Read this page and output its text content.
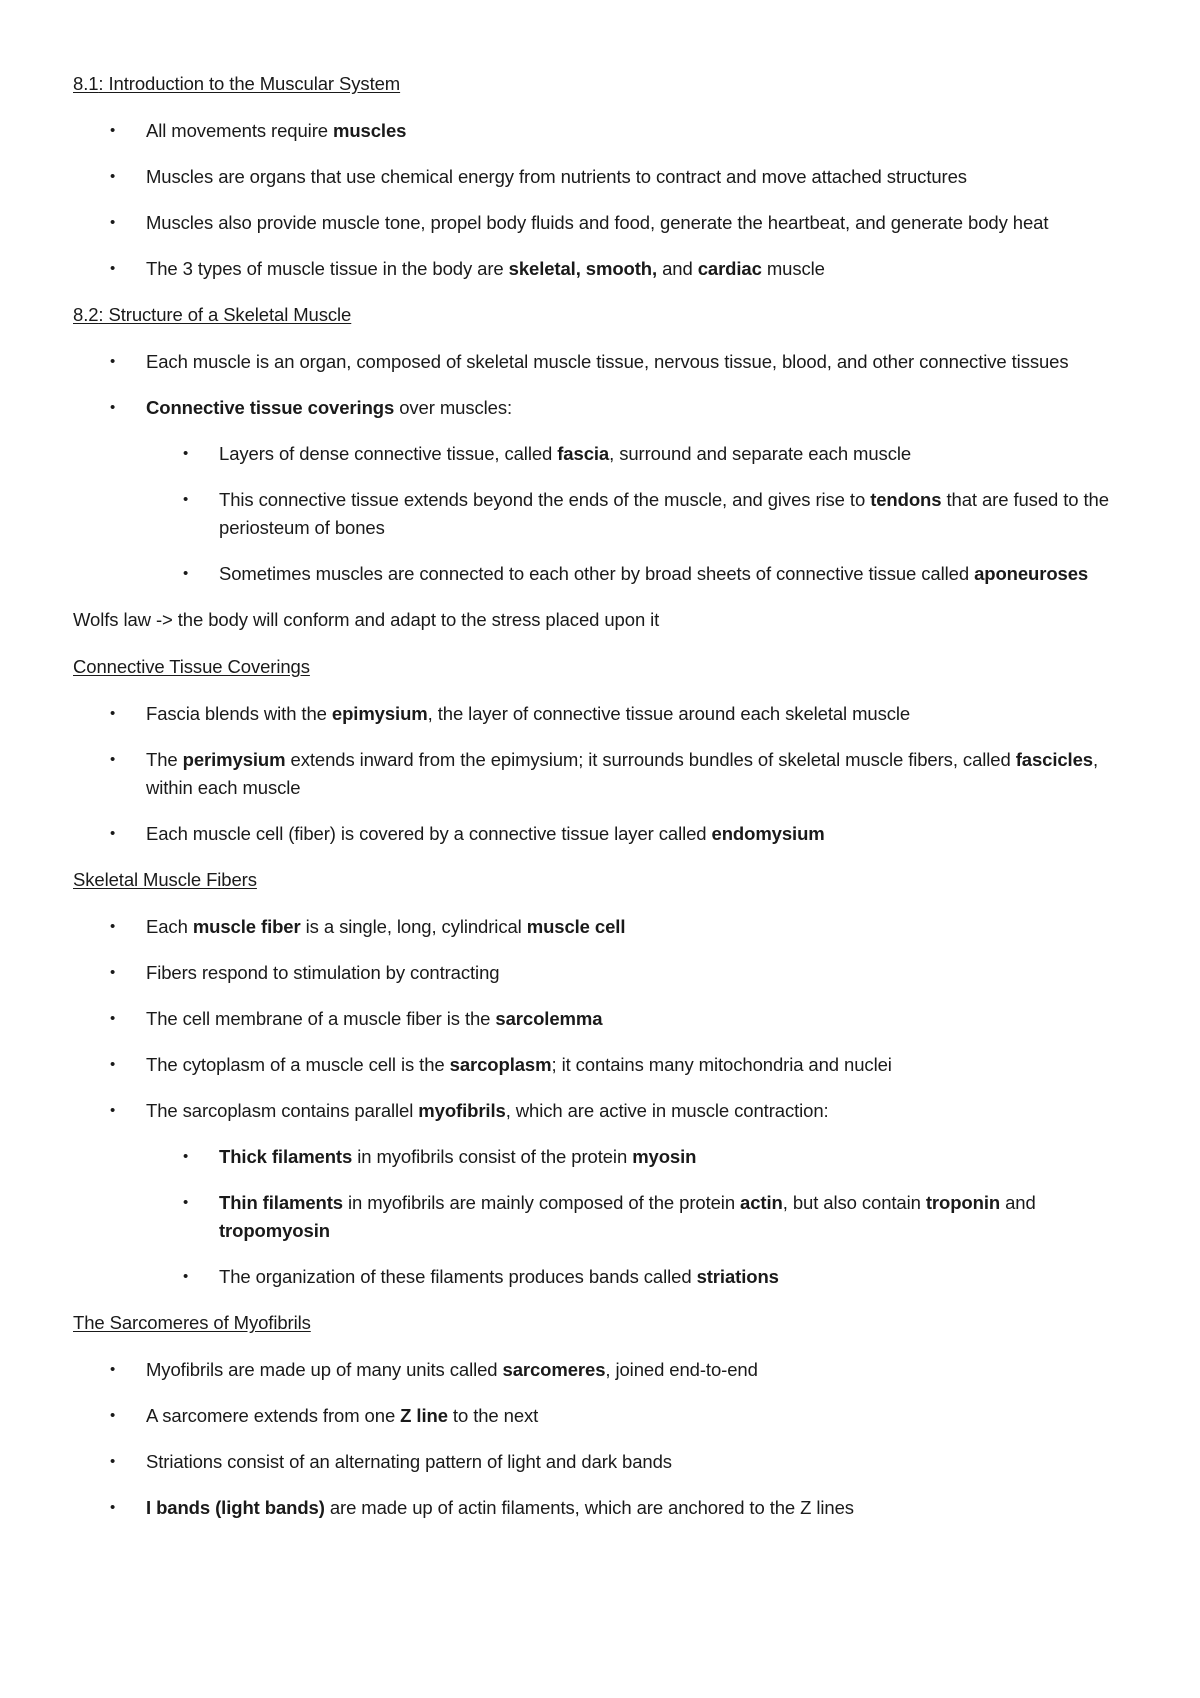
8.1: Introduction to the Muscular System

• All movements require muscles
• Muscles are organs that use chemical energy from nutrients to contract and move attached structures
• Muscles also provide muscle tone, propel body fluids and food, generate the heartbeat, and generate body heat
• The 3 types of muscle tissue in the body are skeletal, smooth, and cardiac muscle

8.2: Structure of a Skeletal Muscle

• Each muscle is an organ, composed of skeletal muscle tissue, nervous tissue, blood, and other connective tissues
• Connective tissue coverings over muscles:
• Layers of dense connective tissue, called fascia, surround and separate each muscle
• This connective tissue extends beyond the ends of the muscle, and gives rise to tendons that are fused to the periosteum of bones
• Sometimes muscles are connected to each other by broad sheets of connective tissue called aponeuroses

Wolfs law -> the body will conform and adapt to the stress placed upon it

Connective Tissue Coverings

• Fascia blends with the epimysium, the layer of connective tissue around each skeletal muscle
• The perimysium extends inward from the epimysium; it surrounds bundles of skeletal muscle fibers, called fascicles, within each muscle
• Each muscle cell (fiber) is covered by a connective tissue layer called endomysium

Skeletal Muscle Fibers

• Each muscle fiber is a single, long, cylindrical muscle cell
• Fibers respond to stimulation by contracting
• The cell membrane of a muscle fiber is the sarcolemma
• The cytoplasm of a muscle cell is the sarcoplasm; it contains many mitochondria and nuclei
• The sarcoplasm contains parallel myofibrils, which are active in muscle contraction:
• Thick filaments in myofibrils consist of the protein myosin
• Thin filaments in myofibrils are mainly composed of the protein actin, but also contain troponin and tropomyosin
• The organization of these filaments produces bands called striations

The Sarcomeres of Myofibrils

• Myofibrils are made up of many units called sarcomeres, joined end-to-end
• A sarcomere extends from one Z line to the next
• Striations consist of an alternating pattern of light and dark bands
• I bands (light bands) are made up of actin filaments, which are anchored to the Z lines
